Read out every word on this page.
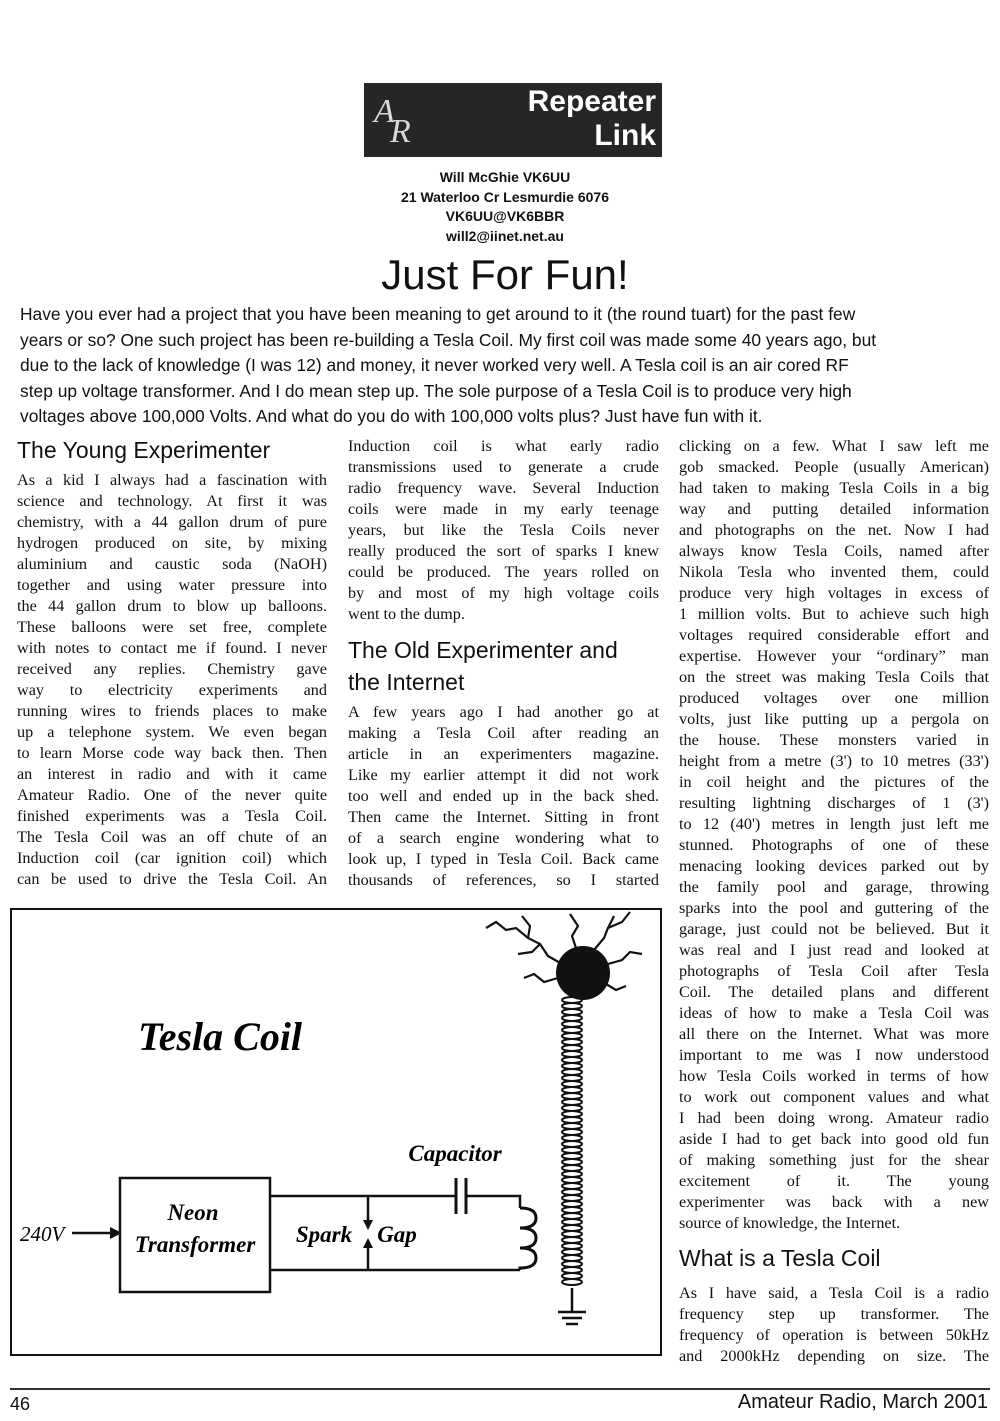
A
R
Repeater
Link
Will McGhie VK6UU
21 Waterloo Cr Lesmurdie 6076
VK6UU@VK6BBR
will2@iinet.net.au
Just For Fun!
Have you ever had a project that you have been meaning to get around to it (the round tuart) for the past few
years or so? One such project has been re-building a Tesla Coil. My first coil was made some 40 years ago, but
due to the lack of knowledge (I was 12) and money, it never worked very well. A Tesla coil is an air cored RF
step up voltage transformer. And I do mean step up. The sole purpose of a Tesla Coil is to produce very high
voltages above 100,000 Volts. And what do you do with 100,000 volts plus? Just have fun with it.
The Young Experimenter
As a kid I always had a fascination with
science and technology. At first it was
chemistry, with a 44 gallon drum of pure
hydrogen produced on site, by mixing
aluminium and caustic soda (NaOH)
together and using water pressure into
the 44 gallon drum to blow up balloons.
These balloons were set free, complete
with notes to contact me if found. I never
received any replies. Chemistry gave
way to electricity experiments and
running wires to friends places to make
up a telephone system. We even began
to learn Morse code way back then. Then
an interest in radio and with it came
Amateur Radio. One of the never quite
finished experiments was a Tesla Coil.
The Tesla Coil was an off chute of an
Induction coil (car ignition coil) which
can be used to drive the Tesla Coil. An
Induction coil is what early radio
transmissions used to generate a crude
radio frequency wave. Several Induction
coils were made in my early teenage
years, but like the Tesla Coils never
really produced the sort of sparks I knew
could be produced. The years rolled on
by and most of my high voltage coils
went to the dump.
The Old Experimenter and
the Internet
A few years ago I had another go at
making a Tesla Coil after reading an
article in an experimenters magazine.
Like my earlier attempt it did not work
too well and ended up in the back shed.
Then came the Internet. Sitting in front
of a search engine wondering what to
look up, I typed in Tesla Coil. Back came
thousands of references, so I started
clicking on a few. What I saw left me
gob smacked. People (usually American)
had taken to making Tesla Coils in a big
way and putting detailed information
and photographs on the net. Now I had
always know Tesla Coils, named after
Nikola Tesla who invented them, could
produce very high voltages in excess of
1 million volts. But to achieve such high
voltages required considerable effort and
expertise. However your “ordinary” man
on the street was making Tesla Coils that
produced voltages over one million
volts, just like putting up a pergola on
the house. These monsters varied in
height from a metre (3') to 10 metres (33')
in coil height and the pictures of the
resulting lightning discharges of 1 (3')
to 12 (40') metres in length just left me
stunned. Photographs of one of these
menacing looking devices parked out by
the family pool and garage, throwing
sparks into the pool and guttering of the
garage, just could not be believed. But it
was real and I just read and looked at
photographs of Tesla Coil after Tesla
Coil. The detailed plans and different
ideas of how to make a Tesla Coil was
all there on the Internet. What was more
important to me was I now understood
how Tesla Coils worked in terms of how
to work out component values and what
I had been doing wrong. Amateur radio
aside I had to get back into good old fun
of making something just for the shear
excitement of it. The young
experimenter was back with a new
source of knowledge, the Internet.
What is a Tesla Coil
As I have said, a Tesla Coil is a radio
frequency step up transformer. The
frequency of operation is between 50kHz
and 2000kHz depending on size. The
Tesla Coil
240V
Neon
Transformer
Capacitor
Spark Gap
46	Amateur Radio, March 2001
